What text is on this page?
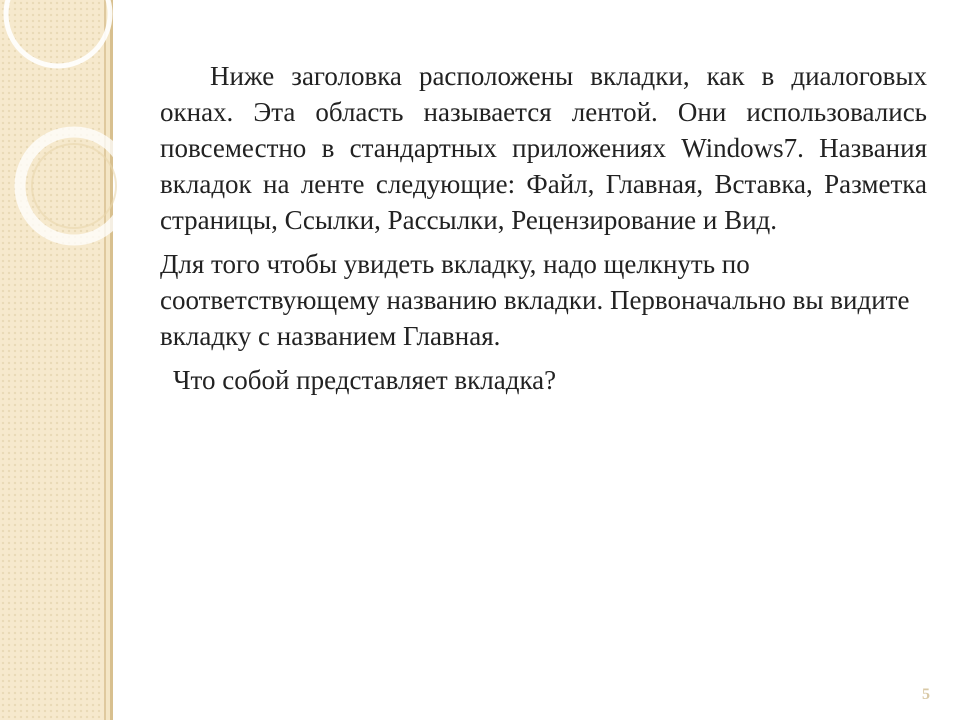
Ниже заголовка расположены вкладки, как в диалоговых окнах. Эта область называется лентой. Они использовались повсеместно в стандартных приложениях Windows7. Названия вкладок на ленте следующие: Файл, Главная, Вставка, Разметка страницы, Ссылки, Рассылки, Рецензирование и Вид.

Для того чтобы увидеть вкладку, надо щелкнуть по соответствующему названию вкладки. Первоначально вы видите вкладку с названием Главная.

Что собой представляет вкладка?

5
